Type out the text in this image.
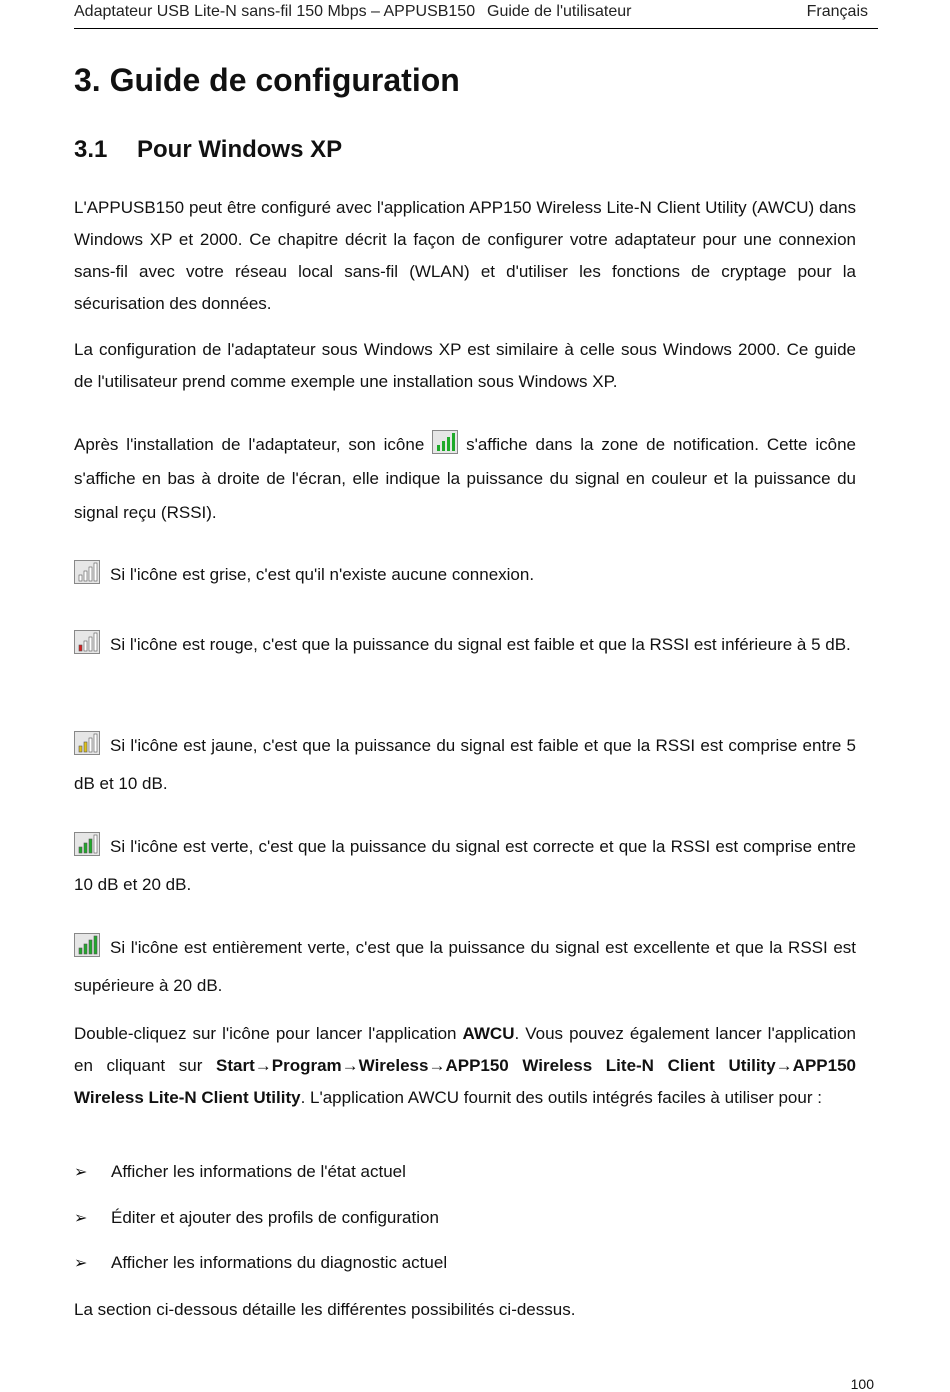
Adaptateur USB Lite-N sans-fil 150 Mbps – APPUSB150 Guide de l'utilisateur	Français
3. Guide de configuration
3.1 Pour Windows XP

L'APPUSB150 peut être configuré avec l'application APP150 Wireless Lite-N Client Utility (AWCU) dans Windows XP et 2000. Ce chapitre décrit la façon de configurer votre adaptateur pour une connexion sans-fil avec votre réseau local sans-fil (WLAN) et d'utiliser les fonctions de cryptage pour la sécurisation des données.

La configuration de l'adaptateur sous Windows XP est similaire à celle sous Windows 2000. Ce guide de l'utilisateur prend comme exemple une installation sous Windows XP.

Après l'installation de l'adaptateur, son icône s'affiche dans la zone de notification. Cette icône s'affiche en bas à droite de l'écran, elle indique la puissance du signal en couleur et la puissance du signal reçu (RSSI).

Si l'icône est grise, c'est qu'il n'existe aucune connexion.

Si l'icône est rouge, c'est que la puissance du signal est faible et que la RSSI est inférieure à 5 dB.

Si l'icône est jaune, c'est que la puissance du signal est faible et que la RSSI est comprise entre 5 dB et 10 dB.

Si l'icône est verte, c'est que la puissance du signal est correcte et que la RSSI est comprise entre 10 dB et 20 dB.

Si l'icône est entièrement verte, c'est que la puissance du signal est excellente et que la RSSI est supérieure à 20 dB.

Double-cliquez sur l'icône pour lancer l'application AWCU. Vous pouvez également lancer l'application en cliquant sur Start→Program→Wireless→APP150 Wireless Lite-N Client Utility→APP150 Wireless Lite-N Client Utility. L'application AWCU fournit des outils intégrés faciles à utiliser pour :

➢ Afficher les informations de l'état actuel
➢ Éditer et ajouter des profils de configuration
➢ Afficher les informations du diagnostic actuel

La section ci-dessous détaille les différentes possibilités ci-dessus.

100
